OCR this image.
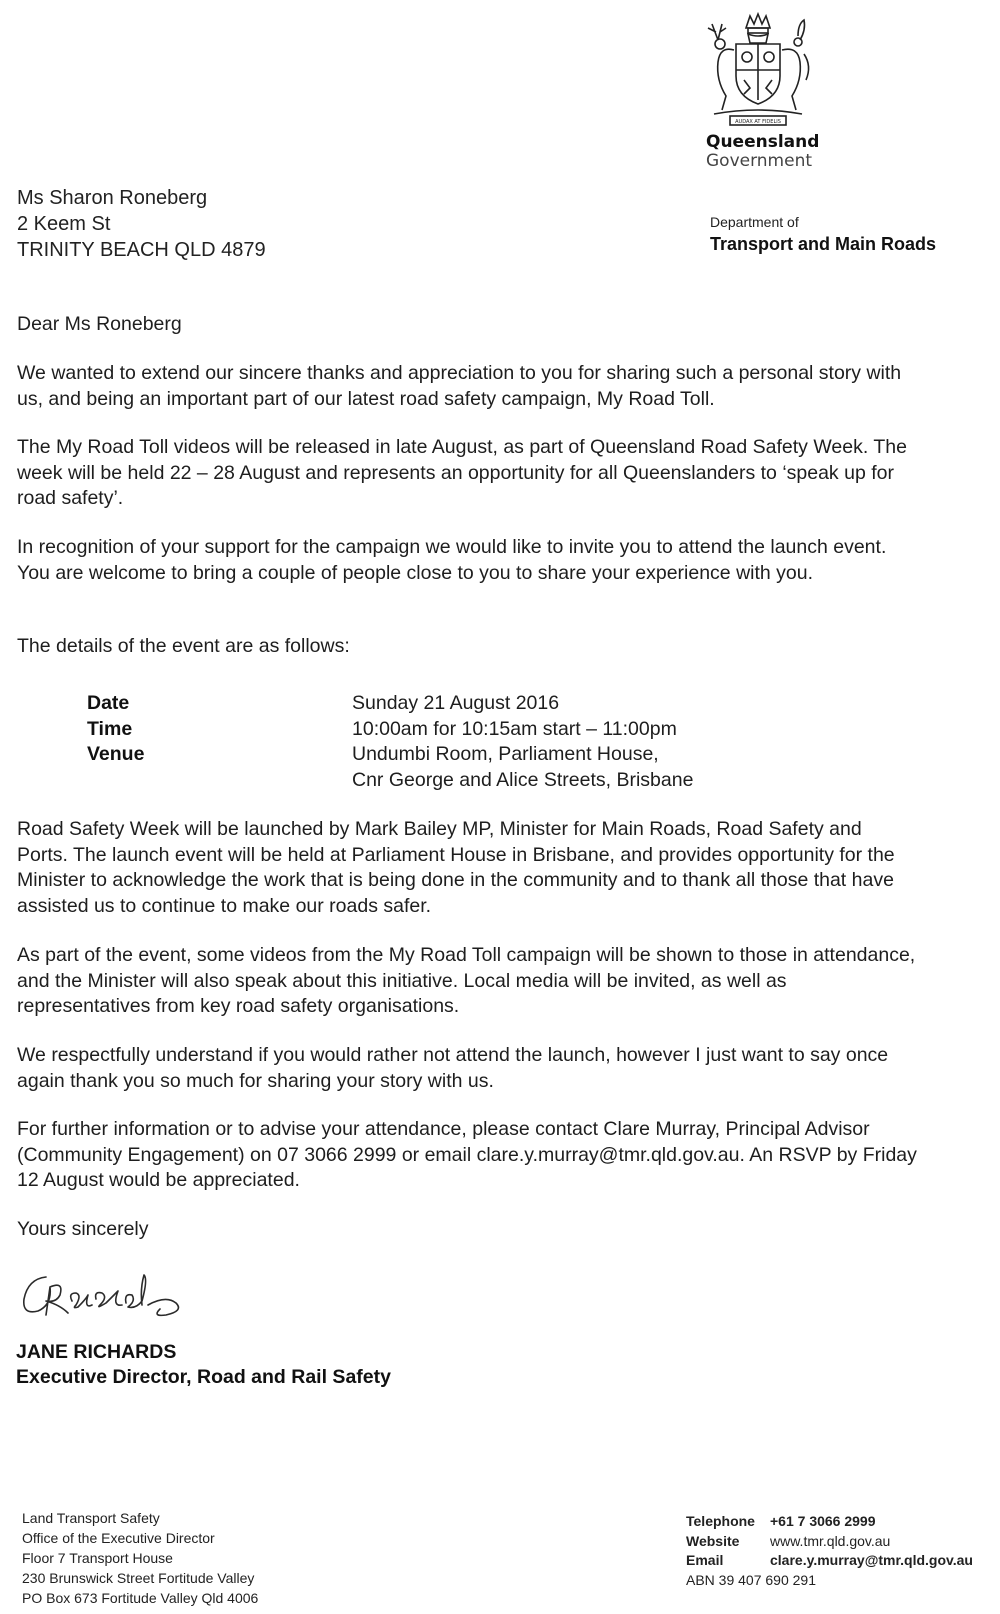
AUDAX AT FIDELIS
Queensland
Government
Department of
Transport and Main Roads
Ms Sharon Roneberg
2 Keem St
TRINITY BEACH QLD 4879
Dear Ms Roneberg
We wanted to extend our sincere thanks and appreciation to you for sharing such a personal story with us, and being an important part of our latest road safety campaign, My Road Toll.
The My Road Toll videos will be released in late August, as part of Queensland Road Safety Week. The week will be held 22 – 28 August and represents an opportunity for all Queenslanders to ‘speak up for road safety’.
In recognition of your support for the campaign we would like to invite you to attend the launch event. You are welcome to bring a couple of people close to you to share your experience with you.
The details of the event are as follows:
Date	Sunday 21 August 2016
Time	10:00am for 10:15am start – 11:00pm
Venue	Undumbi Room, Parliament House,
Cnr George and Alice Streets, Brisbane
Road Safety Week will be launched by Mark Bailey MP, Minister for Main Roads, Road Safety and Ports. The launch event will be held at Parliament House in Brisbane, and provides opportunity for the Minister to acknowledge the work that is being done in the community and to thank all those that have assisted us to continue to make our roads safer.
As part of the event, some videos from the My Road Toll campaign will be shown to those in attendance, and the Minister will also speak about this initiative. Local media will be invited, as well as representatives from key road safety organisations.
We respectfully understand if you would rather not attend the launch, however I just want to say once again thank you so much for sharing your story with us.
For further information or to advise your attendance, please contact Clare Murray, Principal Advisor (Community Engagement) on 07 3066 2999 or email clare.y.murray@tmr.qld.gov.au. An RSVP by Friday 12 August would be appreciated.
Yours sincerely
JANE RICHARDS
Executive Director, Road and Rail Safety
Land Transport Safety
Office of the Executive Director
Floor 7 Transport House
230 Brunswick Street Fortitude Valley
PO Box 673 Fortitude Valley Qld 4006
Telephone +61 7 3066 2999
Website www.tmr.qld.gov.au
Email	clare.y.murray@tmr.qld.gov.au
ABN 39 407 690 291
